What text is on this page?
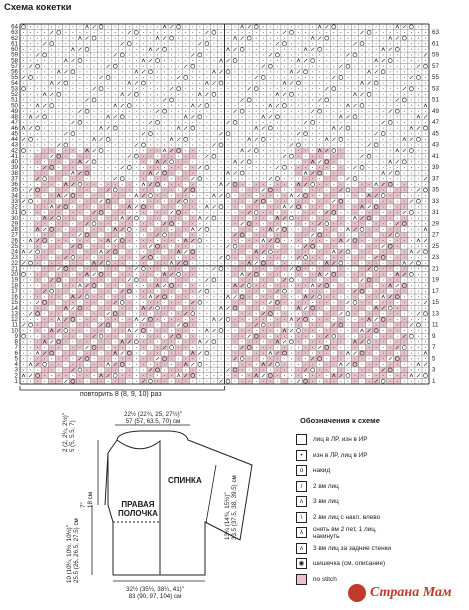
Схема кокетки
64
63
62
61
60
59
58
57
56
55
54
53
52
51
50
49
48
47
46
45
44
43
42
41
40
39
38
37
36
35
34
33
32
31
30
29
28
27
26
25
24
23
22
21
20
19
18
17
16
15
14
13
12
11
10
9
8
7
6
5
4
3
2
1
63
61
59
57
55
53
51
49
47
45
43
41
39
37
35
33
31
29
27
25
23
21
19
17
15
13
11
9
7
5
3
1
повторить 8 (8, 9, 10) раз
22½ (22¾, 25, 27½)"
57 (57, 63.5, 70) см
32½ (35½, 38¼, 41)"
83 (90, 97, 104) см
2 (2, 2¼, 2½)"
5 (5, 5.5, 7)
7"
18 см
10 (10¼, 10½, 10½)"
25.5 (26, 26.5, 27.5) см
13¼ (14¾, 15½)"
33.5 (37.5, 38, 39.5) см
СПИНКА
ПРАВАЯ
ПОЛОЧКА
Обозначения к схеме
лиц в ЛР, изн в ИР
•	изн в ЛР, лиц в ИР
o	накид
/	2 вм лиц
ʌ	3 вм лиц
\	2 вм лиц с накл. влево
λ	снять вм 2 пет, 1 лиц,
накинуть
ᴧ	3 вм лиц за задние стенки
◉	шишечка (см. описание)
no stitch
Страна Мам
